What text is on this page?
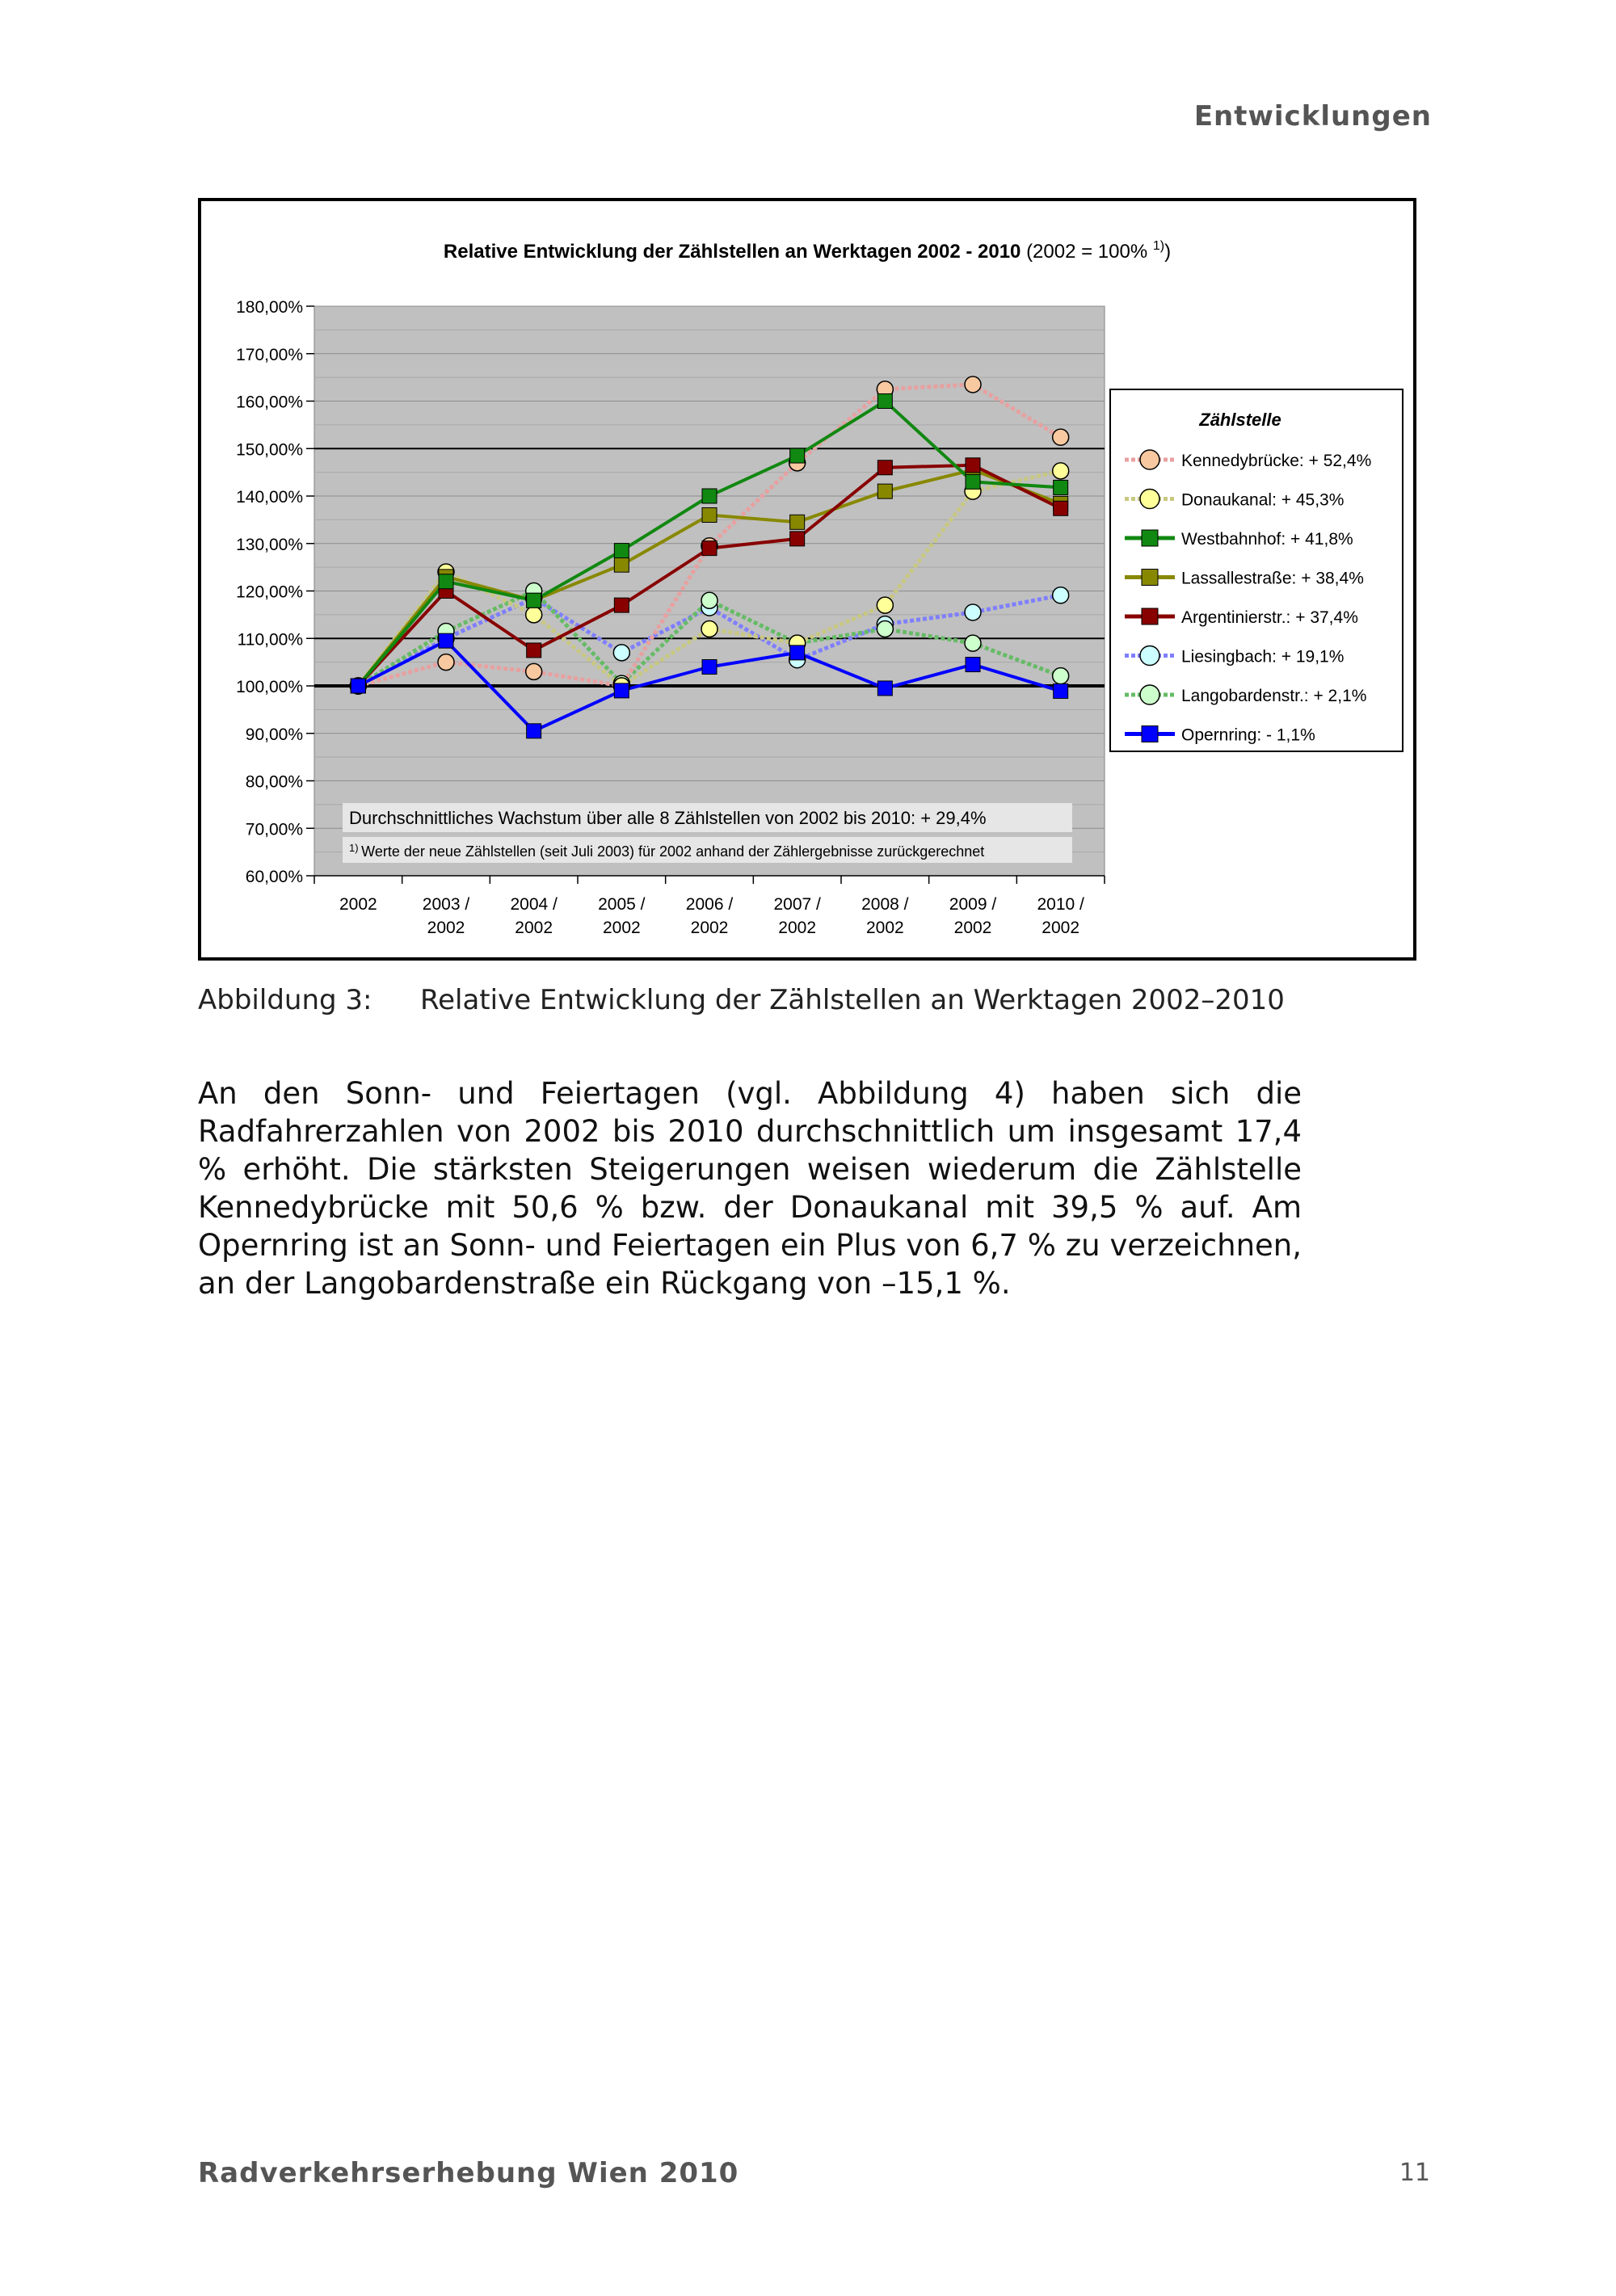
Entwicklungen
Relative Entwicklung der Zählstellen an Werktagen 2002 - 2010 (2002 = 100% $^{1)}$)
60,00%
70,00%
80,00%
90,00%
100,00%
110,00%
120,00%
130,00%
140,00%
150,00%
160,00%
170,00%
180,00%
2002	2003 / 2002
2004 / 2002
2005 / 2002
2006 / 2002
2007 / 2002
2008 / 2002
2009 / 2002
2010 / 2002
Durchschnittliches Wachstum über alle 8 Zählstellen von 2002 bis 2010: + 29,4%
$^{1)}$ Werte der neue Zählstellen (seit Juli 2003) für 2002 anhand der Zählergebnisse zurückgerechnet
Zählstelle
Kennedybrücke: + 52,4%
Donaukanal: + 45,3%
Westbahnhof: + 41,8%
Lassallestraße: + 38,4%
Argentinierstr.: + 37,4%
Liesingbach: + 19,1%
Langobardenstr.: + 2,1%
Opernring: - 1,1%
Abbildung 3: Relative Entwicklung der Zählstellen an Werktagen 2002–2010
An den Sonn- und Feiertagen (vgl. Abbildung 4) haben sich die Radfahrerzahlen von 2002 bis 2010 durchschnittlich um insgesamt 17,4 % erhöht. Die stärksten Steigerungen weisen wiederum die Zählstelle Kennedybrücke mit 50,6 % bzw. der Donaukanal mit 39,5 % auf. Am Opernring ist an Sonn- und Feiertagen ein Plus von 6,7 % zu verzeichnen, an der Langobardenstraße ein Rückgang von –15,1 %.
Radverkehrserhebung Wien 2010	11
